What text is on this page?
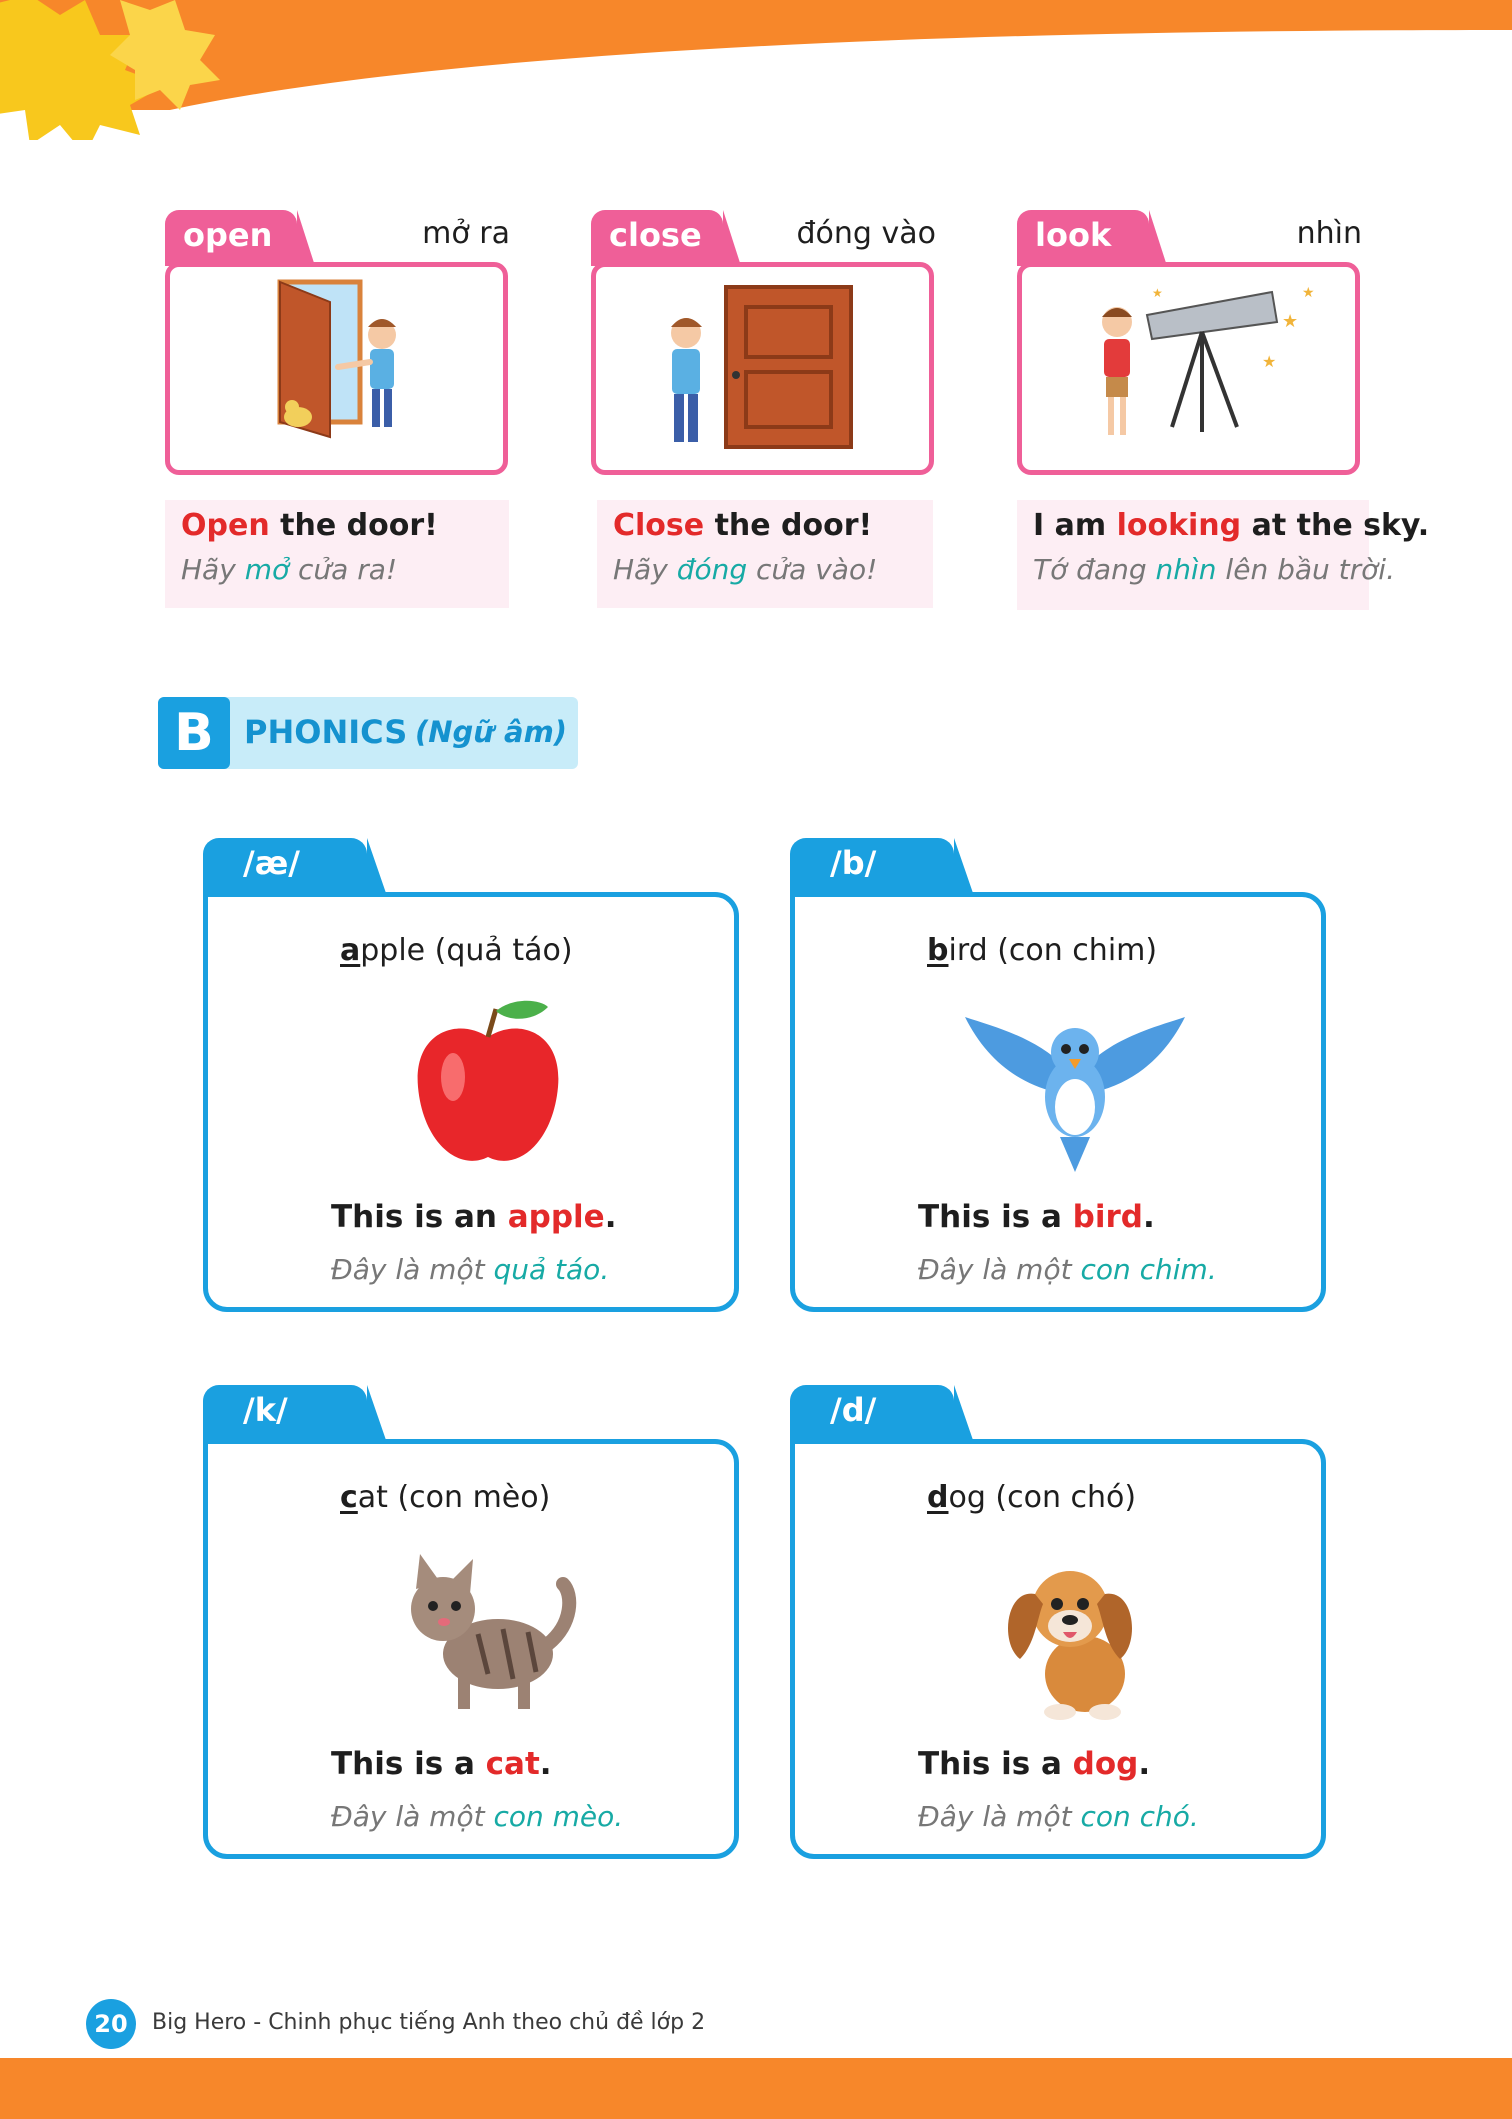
open	mở ra
Open the door!
Hãy mở cửa ra!
close	đóng vào
Close the door!
Hãy đóng cửa vào!
look	nhìn
★
★
★
★
I am looking at the sky.
Tớ đang nhìn lên bầu trời.
B PHONICS (Ngữ âm)
/æ/
apple (quả táo)
This is an apple.
Đây là một quả táo.
/b/
bird (con chim)
This is a bird.
Đây là một con chim.
/k/
cat (con mèo)
This is a cat.
Đây là một con mèo.
/d/
dog (con chó)
This is a dog.
Đây là một con chó.
20	Big Hero - Chinh phục tiếng Anh theo chủ đề lớp 2
